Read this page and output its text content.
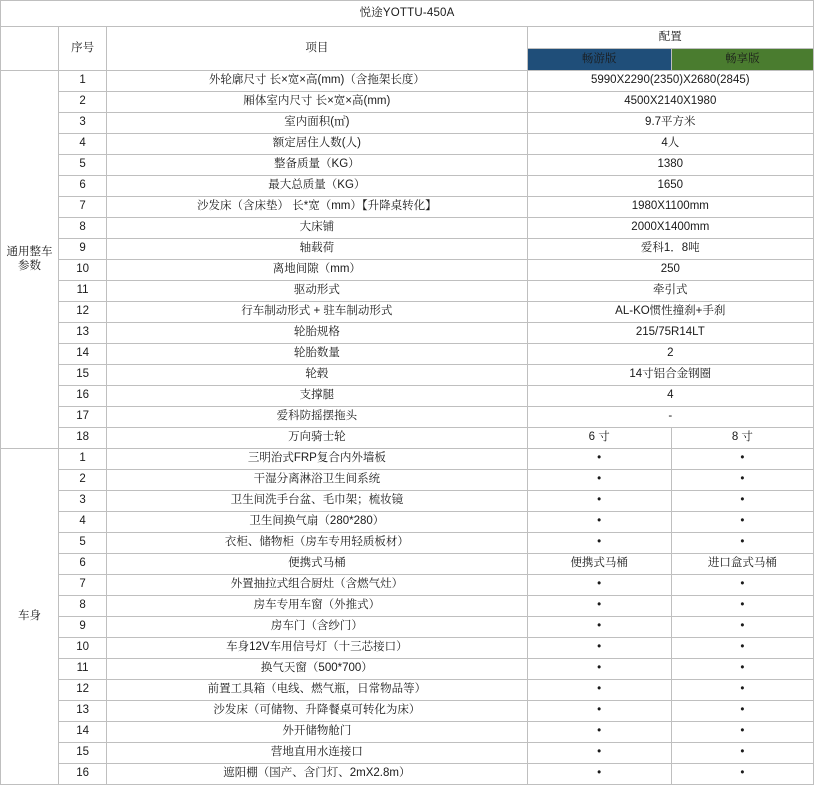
悦途YOTTU-450A				
	序号	项目	配置	
			畅游版	畅享版
通用整车参数	1	外轮廓尺寸 长×宽×高(mm)（含拖架长度）	5990X2290(2350)X2680(2845)	
	2	厢体室内尺寸 长×宽×高(mm)	4500X2140X1980	
	3	室内面积(㎡)	9.7平方米	
	4	额定居住人数(人)	4人	
	5	整备质量（KG）	1380	
	6	最大总质量（KG）	1650	
	7	沙发床（含床垫） 长*宽（mm）【升降桌转化】	1980X1100mm	
	8	大床铺	2000X1400mm	
	9	轴载荷	爱科1．8吨	
	10	离地间隙（mm）	250	
	11	驱动形式	牵引式	
	12	行车制动形式 + 驻车制动形式	AL-KO惯性撞刹+手刹	
	13	轮胎规格	215/75R14LT	
	14	轮胎数量	2	
	15	轮毂	14寸铝合金钢圈	
	16	支撑腿	4	
	17	爱科防摇摆拖头	-	
	18	万向骑士轮	6 寸	8 寸
车身	1	三明治式FRP复合内外墙板	•	•
	2	干湿分离淋浴卫生间系统	•	•
	3	卫生间洗手台盆、毛巾架；梳妆镜	•	•
	4	卫生间换气扇（280*280）	•	•
	5	衣柜、储物柜（房车专用轻质板材）	•	•
	6	便携式马桶	便携式马桶	进口盒式马桶
	7	外置抽拉式组合厨灶（含燃气灶）	•	•
	8	房车专用车窗（外推式）	•	•
	9	房车门（含纱门）	•	•
	10	车身12V车用信号灯（十三芯接口）	•	•
	11	换气天窗（500*700）	•	•
	12	前置工具箱（电线、燃气瓶，日常物品等）	•	•
	13	沙发床（可储物、升降餐桌可转化为床）	•	•
	14	外开储物舱门	•	•
	15	营地直用水连接口	•	•
	16	遮阳棚（国产、含门灯、2mX2.8m）	•	•
